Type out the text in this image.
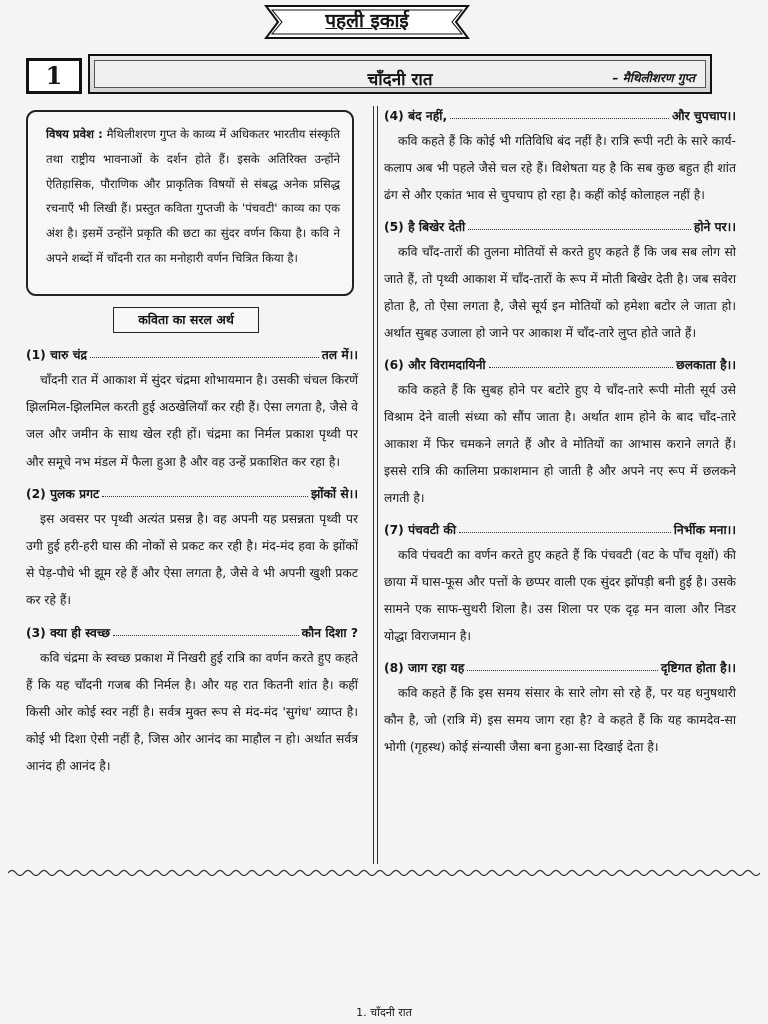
पहली इकाई
1	चाँदनी रात	– मैथिलीशरण गुप्त
विषय प्रवेश : मैथिलीशरण गुप्त के काव्य में अधिकतर भारतीय संस्कृति तथा राष्ट्रीय भावनाओं के दर्शन होते हैं। इसके अतिरिक्त उन्होंने ऐतिहासिक, पौराणिक और प्राकृतिक विषयों से संबद्ध अनेक प्रसिद्ध रचनाएँ भी लिखी हैं। प्रस्तुत कविता गुप्तजी के 'पंचवटी' काव्य का एक अंश है। इसमें उन्होंने प्रकृति की छटा का सुंदर वर्णन किया है। कवि ने अपने शब्दों में चाँदनी रात का मनोहारी वर्णन चित्रित किया है।
कविता का सरल अर्थ
(1) चारु चंद्र	तल में।।

चाँदनी रात में आकाश में सुंदर चंद्रमा शोभायमान है। उसकी चंचल किरणें झिलमिल-झिलमिल करती हुई अठखेलियाँ कर रही हैं। ऐसा लगता है, जैसे वे जल और जमीन के साथ खेल रही हों। चंद्रमा का निर्मल प्रकाश पृथ्वी पर और समूचे नभ मंडल में फैला हुआ है और वह उन्हें प्रकाशित कर रहा है।

(2) पुलक प्रगट	झोंकों से।।

इस अवसर पर पृथ्वी अत्यंत प्रसन्न है। वह अपनी यह प्रसन्नता पृथ्वी पर उगी हुई हरी-हरी घास की नोकों से प्रकट कर रही है। मंद-मंद हवा के झोंकों से पेड़-पौधे भी झूम रहे हैं और ऐसा लगता है, जैसे वे भी अपनी खुशी प्रकट कर रहे हैं।

(3) क्या ही स्वच्छ	कौन दिशा ?

कवि चंद्रमा के स्वच्छ प्रकाश में निखरी हुई रात्रि का वर्णन करते हुए कहते हैं कि यह चाँदनी गजब की निर्मल है। और यह रात कितनी शांत है। कहीं किसी ओर कोई स्वर नहीं है। सर्वत्र मुक्त रूप से मंद-मंद 'सुगंध' व्याप्त है। कोई भी दिशा ऐसी नहीं है, जिस ओर आनंद का माहौल न हो। अर्थात सर्वत्र आनंद ही आनंद है।

(4) बंद नहीं,	और चुपचाप।।

कवि कहते हैं कि कोई भी गतिविधि बंद नहीं है। रात्रि रूपी नटी के सारे कार्य-कलाप अब भी पहले जैसे चल रहे हैं। विशेषता यह है कि सब कुछ बहुत ही शांत ढंग से और एकांत भाव से चुपचाप हो रहा है। कहीं कोई कोलाहल नहीं है।

(5) है बिखेर देती	होने पर।।

कवि चाँद-तारों की तुलना मोतियों से करते हुए कहते हैं कि जब सब लोग सो जाते हैं, तो पृथ्वी आकाश में चाँद-तारों के रूप में मोती बिखेर देती है। जब सवेरा होता है, तो ऐसा लगता है, जैसे सूर्य इन मोतियों को हमेशा बटोर ले जाता हो। अर्थात सुबह उजाला हो जाने पर आकाश में चाँद-तारे लुप्त होते जाते हैं।

(6) और विरामदायिनी	छलकाता है।।

कवि कहते हैं कि सुबह होने पर बटोरे हुए ये चाँद-तारे रूपी मोती सूर्य उसे विश्राम देने वाली संध्या को सौंप जाता है। अर्थात शाम होने के बाद चाँद-तारे आकाश में फिर चमकने लगते हैं और वे मोतियों का आभास कराने लगते हैं। इससे रात्रि की कालिमा प्रकाशमान हो जाती है और अपने नए रूप में छलकने लगती है।

(7) पंचवटी की	निर्भीक मना।।

कवि पंचवटी का वर्णन करते हुए कहते हैं कि पंचवटी (वट के पाँच वृक्षों) की छाया में घास-फूस और पत्तों के छप्पर वाली एक सुंदर झोंपड़ी बनी हुई है। उसके सामने एक साफ-सुथरी शिला है। उस शिला पर एक दृढ़ मन वाला और निडर योद्धा विराजमान है।

(8) जाग रहा यह	दृष्टिगत होता है।।

कवि कहते हैं कि इस समय संसार के सारे लोग सो रहे हैं, पर यह धनुषधारी कौन है, जो (रात्रि में) इस समय जाग रहा है? वे कहते हैं कि यह कामदेव-सा भोगी (गृहस्थ) कोई संन्यासी जैसा बना हुआ-सा दिखाई देता है।

1. चाँदनी रात
